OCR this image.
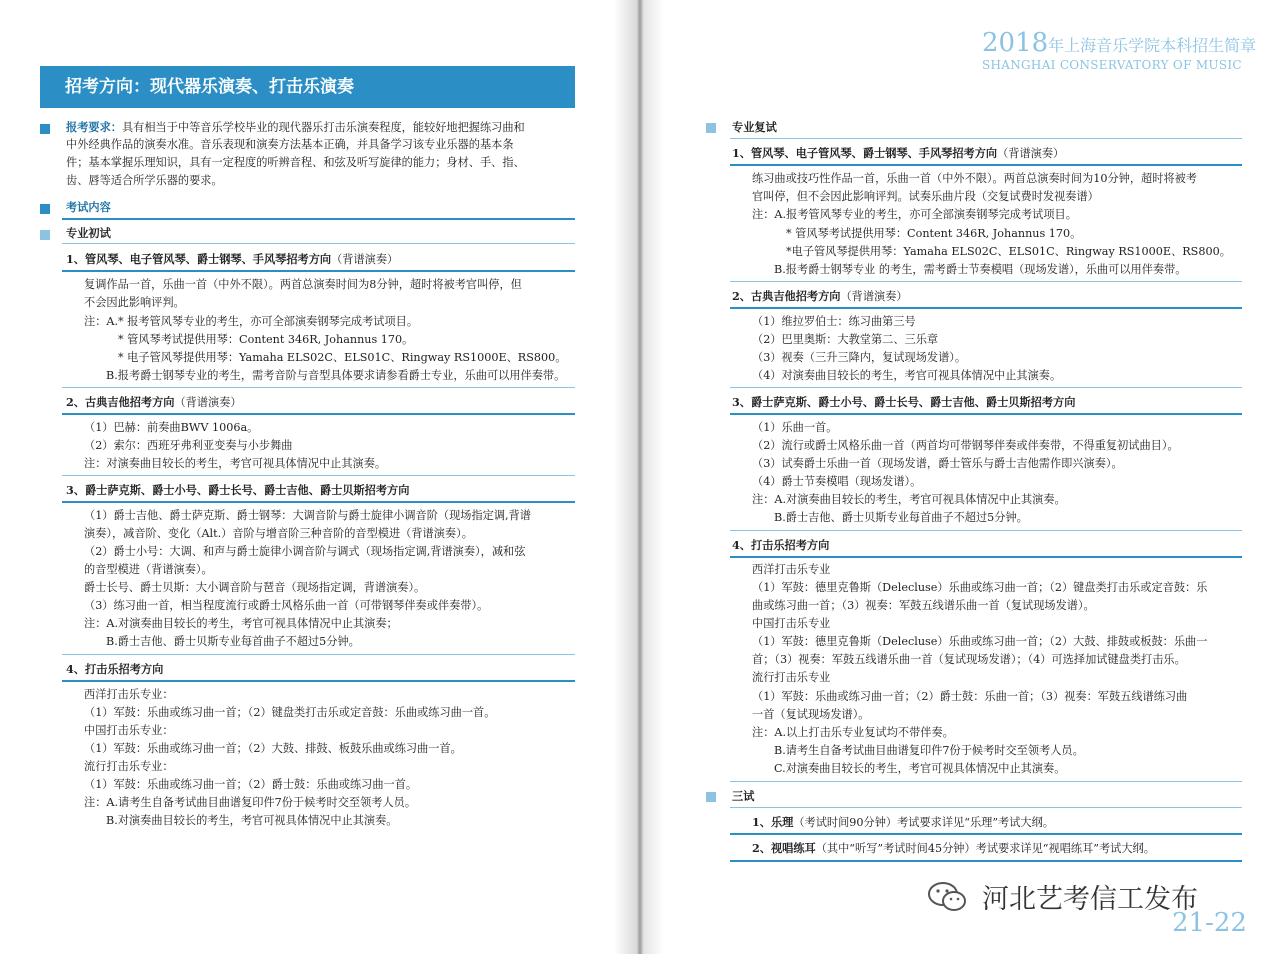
2018年上海音乐学院本科招生简章
SHANGHAI CONSERVATORY OF MUSIC
招考方向：现代器乐演奏、打击乐演奏
报考要求：具有相当于中等音乐学校毕业的现代器乐打击乐演奏程度，能较好地把握练习曲和
中外经典作品的演奏水准。音乐表现和演奏方法基本正确，并具备学习该专业乐器的基本条
件；基本掌握乐理知识，具有一定程度的听辨音程、和弦及听写旋律的能力；身材、手、指、
齿、唇等适合所学乐器的要求。
考试内容
专业初试
1、管风琴、电子管风琴、爵士钢琴、手风琴招考方向（背谱演奏）
复调作品一首，乐曲一首（中外不限）。两首总演奏时间为8分钟，超时将被考官叫停，但
不会因此影响评判。
注：A.* 报考管风琴专业的考生，亦可全部演奏钢琴完成考试项目。
* 管风琴考试提供用琴：Content 346R, Johannus 170。
* 电子管风琴提供用琴：Yamaha ELS02C、ELS01C、Ringway RS1000E、RS800。
B.报考爵士钢琴专业的考生，需考音阶与音型具体要求请参看爵士专业，乐曲可以用伴奏带。
2、古典吉他招考方向（背谱演奏）
（1）巴赫：前奏曲BWV 1006a。
（2）索尔：西班牙弗利亚变奏与小步舞曲
注：对演奏曲目较长的考生，考官可视具体情况中止其演奏。
3、爵士萨克斯、爵士小号、爵士长号、爵士吉他、爵士贝斯招考方向
（1）爵士吉他、爵士萨克斯、爵士钢琴：大调音阶与爵士旋律小调音阶（现场指定调,背谱
演奏），减音阶、变化（Alt.）音阶与增音阶三种音阶的音型模进（背谱演奏）。
（2）爵士小号：大调、和声与爵士旋律小调音阶与调式（现场指定调,背谱演奏），减和弦
的音型模进（背谱演奏）。
爵士长号、爵士贝斯：大小调音阶与琶音（现场指定调，背谱演奏）。
（3）练习曲一首，相当程度流行或爵士风格乐曲一首（可带钢琴伴奏或伴奏带）。
注：A.对演奏曲目较长的考生，考官可视具体情况中止其演奏；
B.爵士吉他、爵士贝斯专业每首曲子不超过5分钟。
4、打击乐招考方向
西洋打击乐专业：
（1）军鼓：乐曲或练习曲一首；（2）键盘类打击乐或定音鼓：乐曲或练习曲一首。
中国打击乐专业：
（1）军鼓：乐曲或练习曲一首；（2）大鼓、排鼓、板鼓乐曲或练习曲一首。
流行打击乐专业：
（1）军鼓：乐曲或练习曲一首；（2）爵士鼓：乐曲或练习曲一首。
注：A.请考生自备考试曲目曲谱复印件7份于候考时交至领考人员。
B.对演奏曲目较长的考生，考官可视具体情况中止其演奏。
专业复试
1、管风琴、电子管风琴、爵士钢琴、手风琴招考方向（背谱演奏）
练习曲或技巧性作品一首，乐曲一首（中外不限）。两首总演奏时间为10分钟，超时将被考
官叫停，但不会因此影响评判。试奏乐曲片段（交复试费时发视奏谱）
注：A.报考管风琴专业的考生，亦可全部演奏钢琴完成考试项目。
* 管风琴考试提供用琴：Content 346R, Johannus 170。
*电子管风琴提供用琴：Yamaha ELS02C、ELS01C、Ringway RS1000E、RS800。
B.报考爵士钢琴专业 的考生，需考爵士节奏模唱（现场发谱），乐曲可以用伴奏带。
2、古典吉他招考方向（背谱演奏）
（1）维拉罗伯士：练习曲第三号
（2）巴里奥斯：大教堂第二、三乐章
（3）视奏（三升三降内，复试现场发谱）。
（4）对演奏曲目较长的考生，考官可视具体情况中止其演奏。
3、爵士萨克斯、爵士小号、爵士长号、爵士吉他、爵士贝斯招考方向
（1）乐曲一首。
（2）流行或爵士风格乐曲一首（两首均可带钢琴伴奏或伴奏带，不得重复初试曲目）。
（3）试奏爵士乐曲一首（现场发谱，爵士管乐与爵士吉他需作即兴演奏）。
（4）爵士节奏模唱（现场发谱）。
注：A.对演奏曲目较长的考生，考官可视具体情况中止其演奏。
B.爵士吉他、爵士贝斯专业每首曲子不超过5分钟。
4、打击乐招考方向
西洋打击乐专业
（1）军鼓：德里克鲁斯（Delecluse）乐曲或练习曲一首；（2）键盘类打击乐或定音鼓：乐
曲或练习曲一首；（3）视奏：军鼓五线谱乐曲一首（复试现场发谱）。
中国打击乐专业
（1）军鼓：德里克鲁斯（Delecluse）乐曲或练习曲一首；（2）大鼓、排鼓或板鼓：乐曲一
首；（3）视奏：军鼓五线谱乐曲一首（复试现场发谱）；（4）可选择加试键盘类打击乐。
流行打击乐专业
（1）军鼓：乐曲或练习曲一首；（2）爵士鼓：乐曲一首；（3）视奏：军鼓五线谱练习曲
一首（复试现场发谱）。
注：A.以上打击乐专业复试均不带伴奏。
B.请考生自备考试曲目曲谱复印件7份于候考时交至领考人员。
C.对演奏曲目较长的考生，考官可视具体情况中止其演奏。
三试
1、乐理（考试时间90分钟）考试要求详见“乐理”考试大纲。
2、视唱练耳（其中“听写”考试时间45分钟）考试要求详见“视唱练耳”考试大纲。
河北艺考信工发布
21-22
